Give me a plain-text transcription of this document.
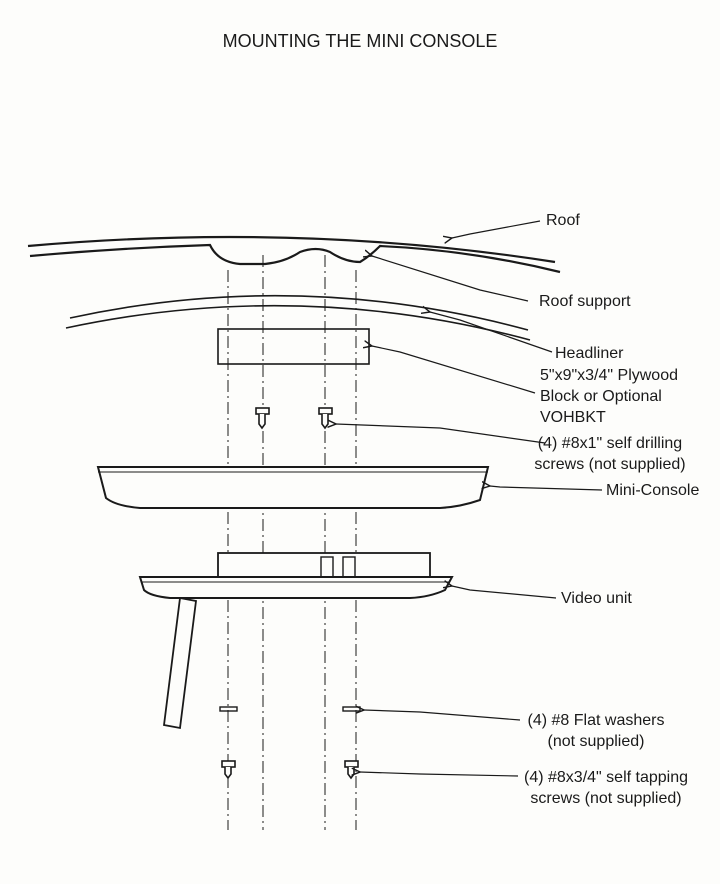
MOUNTING THE MINI CONSOLE
Roof
Roof support
Headliner
5"x9"x3/4" Plywood
Block or Optional
VOHBKT
(4) #8x1" self drilling
screws (not supplied)
Mini-Console
Video unit
(4) #8 Flat washers
(not supplied)
(4) #8x3/4" self tapping
screws (not supplied)
